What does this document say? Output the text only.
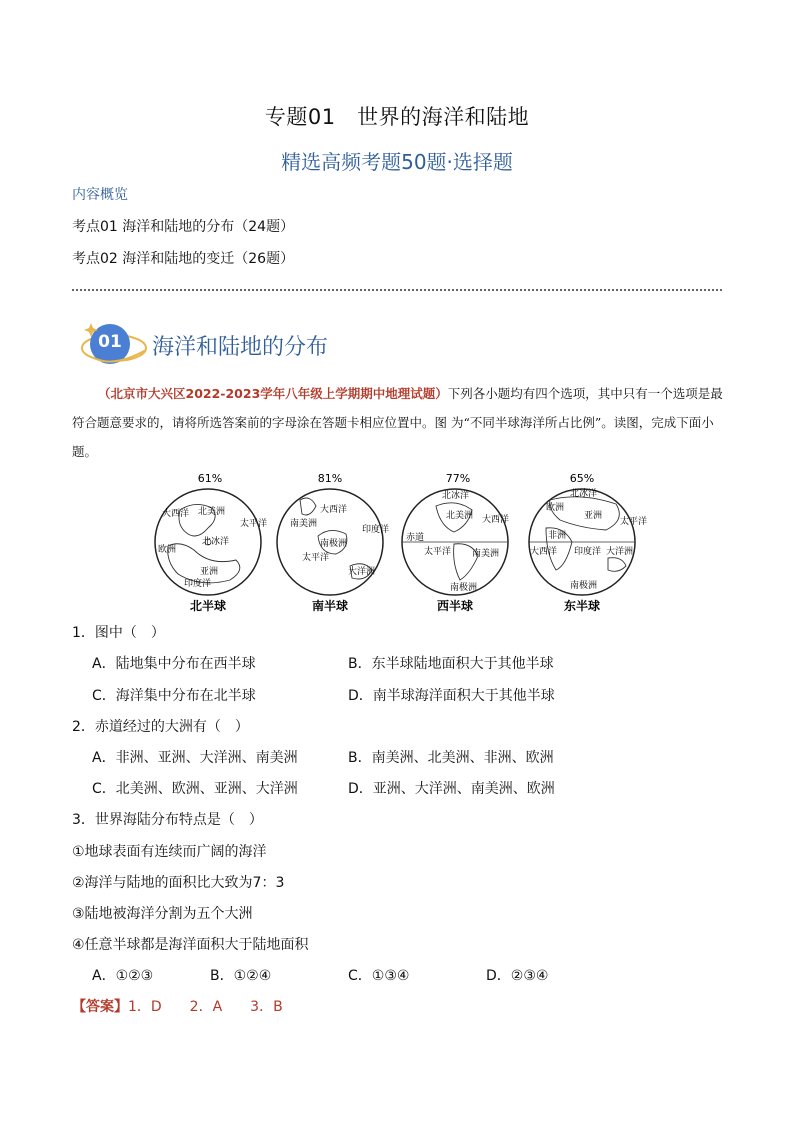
专题01　世界的海洋和陆地
精选高频考题50题·选择题
内容概览
考点01 海洋和陆地的分布（24题）
考点02 海洋和陆地的变迁（26题）
01	海洋和陆地的分布
（北京市大兴区2022-2023学年八年级上学期期中地理试题）下列各小题均有四个选项，其中只有一个选项是最符合题意要求的，请将所选答案前的字母涂在答题卡相应位置中。图 为“不同半球海洋所占比例”。读图，完成下面小题。
61%
大西洋 北美洲
北冰洋
太平洋
欧洲
亚洲
印度洋
北半球
81%
大西洋
南美洲
南极洲
印度洋
太平洋
大洋洲
南半球
77%
北冰洋
北美洲 大西洋
赤道
太平洋 南美洲
南极洲
西半球
65%
北冰洋
欧洲
亚洲
太平洋
非洲
印度洋
大西洋	大洋洲
南极洲
东半球
1．图中（　）
A．陆地集中分布在西半球	B．东半球陆地面积大于其他半球
C．海洋集中分布在北半球	D．南半球海洋面积大于其他半球
2．赤道经过的大洲有（　）
A．非洲、亚洲、大洋洲、南美洲	B．南美洲、北美洲、非洲、欧洲
C．北美洲、欧洲、亚洲、大洋洲	D．亚洲、大洋洲、南美洲、欧洲
3．世界海陆分布特点是（　）
①地球表面有连续而广阔的海洋
②海洋与陆地的面积比大致为7：3
③陆地被海洋分割为五个大洲
④任意半球都是海洋面积大于陆地面积
A．①②③	B．①②④	C．①③④	D．②③④
【答案】1．D　　2．A　　3．B
